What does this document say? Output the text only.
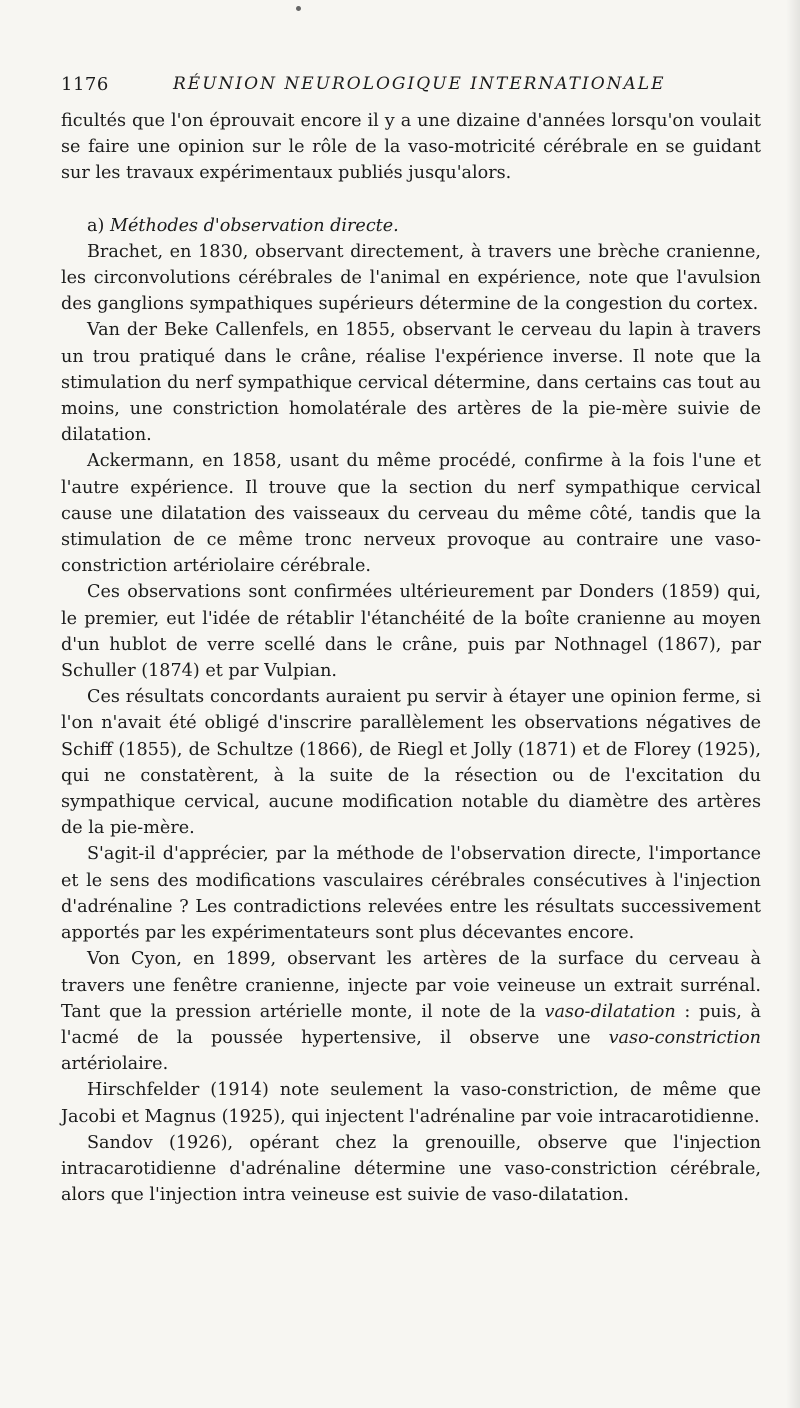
1176	RÉUNION NEUROLOGIQUE INTERNATIONALE

ficultés que l'on éprouvait encore il y a une dizaine d'années lorsqu'on voulait se faire une opinion sur le rôle de la vaso-motricité cérébrale en se guidant sur les travaux expérimentaux publiés jusqu'alors.

a) Méthodes d'observation directe.

Brachet, en 1830, observant directement, à travers une brèche cranienne, les circonvolutions cérébrales de l'animal en expérience, note que l'avulsion des ganglions sympathiques supérieurs détermine de la congestion du cortex.

Van der Beke Callenfels, en 1855, observant le cerveau du lapin à travers un trou pratiqué dans le crâne, réalise l'expérience inverse. Il note que la stimulation du nerf sympathique cervical détermine, dans certains cas tout au moins, une constriction homolatérale des artères de la pie-mère suivie de dilatation.

Ackermann, en 1858, usant du même procédé, confirme à la fois l'une et l'autre expérience. Il trouve que la section du nerf sympathique cervical cause une dilatation des vaisseaux du cerveau du même côté, tandis que la stimulation de ce même tronc nerveux provoque au contraire une vaso-constriction artériolaire cérébrale.

Ces observations sont confirmées ultérieurement par Donders (1859) qui, le premier, eut l'idée de rétablir l'étanchéité de la boîte cranienne au moyen d'un hublot de verre scellé dans le crâne, puis par Nothnagel (1867), par Schuller (1874) et par Vulpian.

Ces résultats concordants auraient pu servir à étayer une opinion ferme, si l'on n'avait été obligé d'inscrire parallèlement les observations négatives de Schiff (1855), de Schultze (1866), de Riegl et Jolly (1871) et de Florey (1925), qui ne constatèrent, à la suite de la résection ou de l'excitation du sympathique cervical, aucune modification notable du diamètre des artères de la pie-mère.

S'agit-il d'apprécier, par la méthode de l'observation directe, l'importance et le sens des modifications vasculaires cérébrales consécutives à l'injection d'adrénaline ? Les contradictions relevées entre les résultats successivement apportés par les expérimentateurs sont plus décevantes encore.

Von Cyon, en 1899, observant les artères de la surface du cerveau à travers une fenêtre cranienne, injecte par voie veineuse un extrait surrénal. Tant que la pression artérielle monte, il note de la vaso-dilatation : puis, à l'acmé de la poussée hypertensive, il observe une vaso-constriction artériolaire.

Hirschfelder (1914) note seulement la vaso-constriction, de même que Jacobi et Magnus (1925), qui injectent l'adrénaline par voie intracarotidienne.

Sandov (1926), opérant chez la grenouille, observe que l'injection intracarotidienne d'adrénaline détermine une vaso-constriction cérébrale, alors que l'injection intra veineuse est suivie de vaso-dilatation.
